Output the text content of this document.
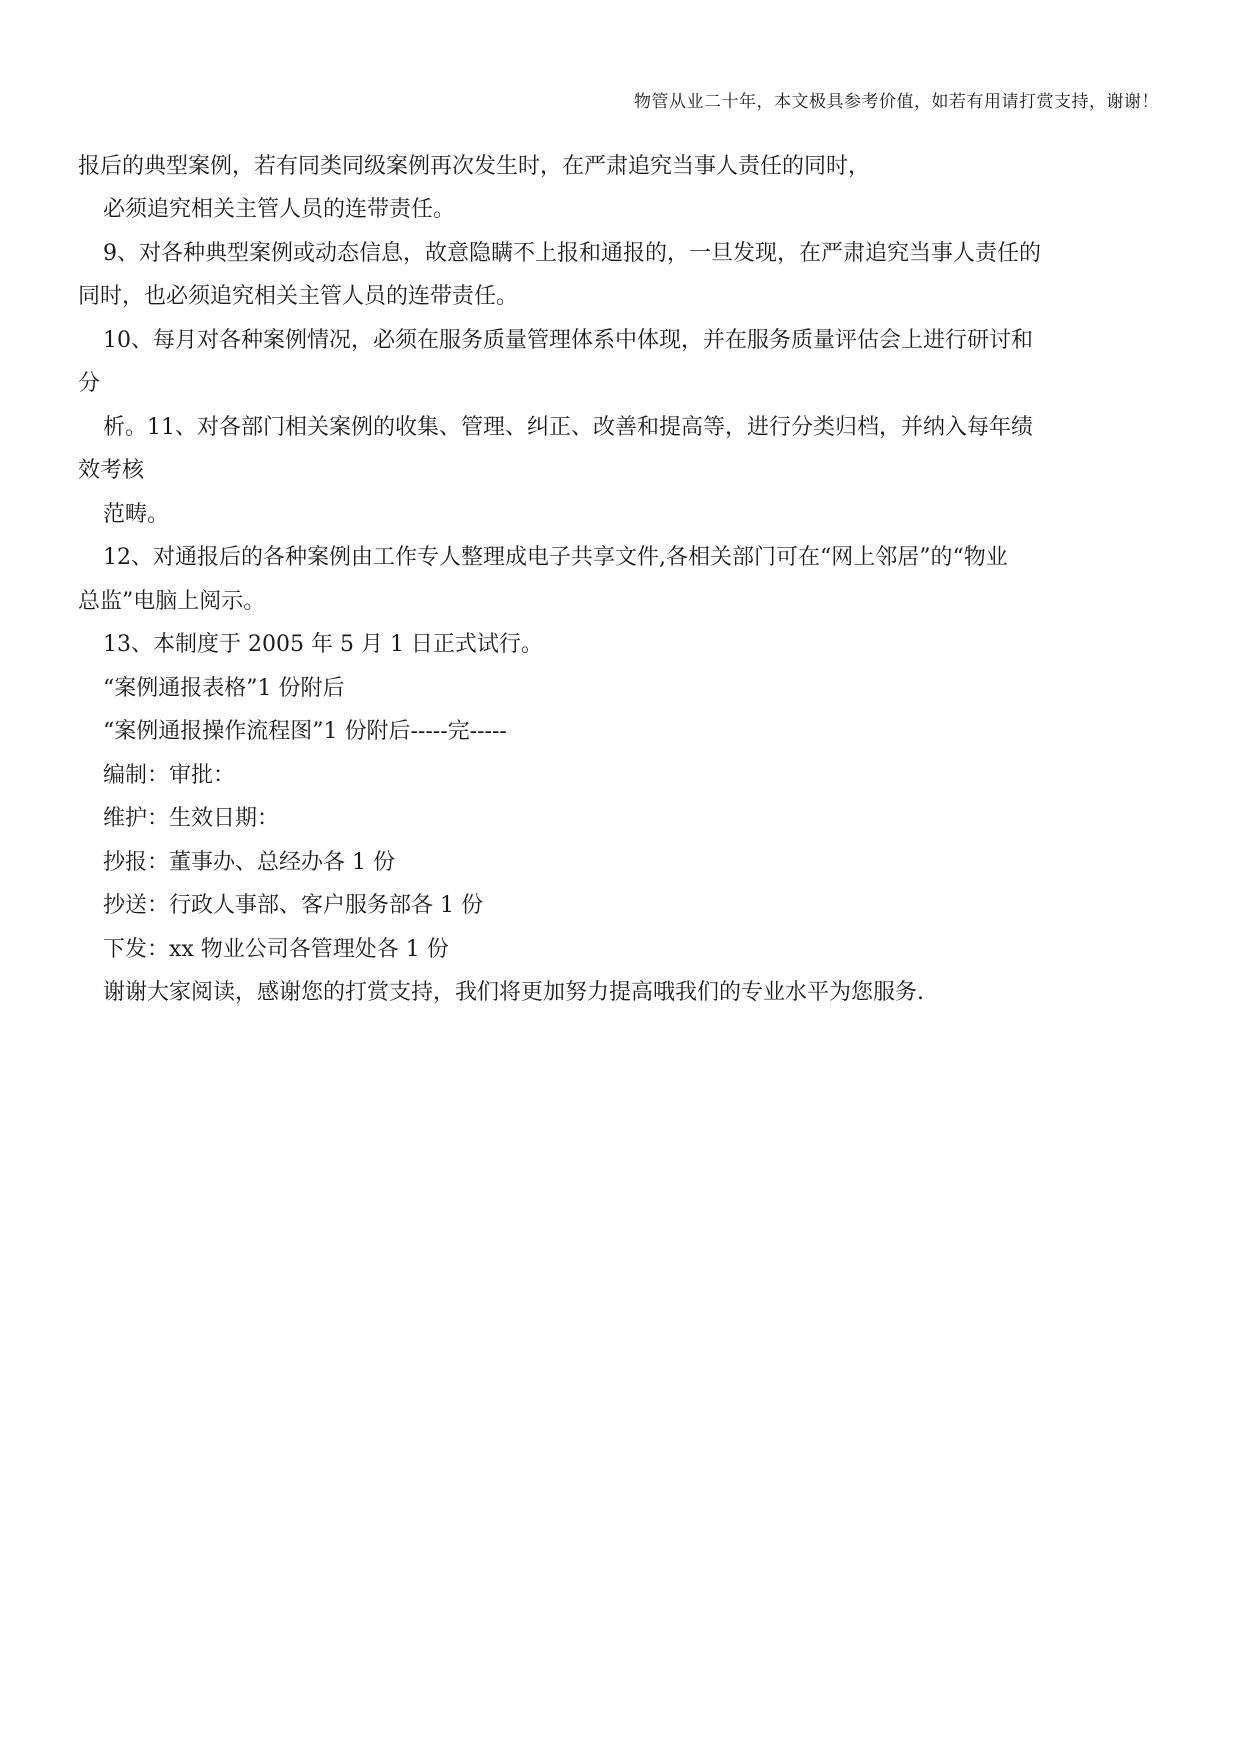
物管从业二十年，本文极具参考价值，如若有用请打赏支持，谢谢！
报后的典型案例，若有同类同级案例再次发生时，在严肃追究当事人责任的同时，
必须追究相关主管人员的连带责任。
9、对各种典型案例或动态信息，故意隐瞒不上报和通报的，一旦发现，在严肃追究当事人责任的
同时，也必须追究相关主管人员的连带责任。
10、每月对各种案例情况，必须在服务质量管理体系中体现，并在服务质量评估会上进行研讨和
分
析。11、对各部门相关案例的收集、管理、纠正、改善和提高等，进行分类归档，并纳入每年绩
效考核
范畴。
12、对通报后的各种案例由工作专人整理成电子共享文件,各相关部门可在“网上邻居”的“物业
总监”电脑上阅示。
13、本制度于 2005 年 5 月 1 日正式试行。
“案例通报表格”1 份附后
“案例通报操作流程图”1 份附后-----完-----
编制：审批：
维护：生效日期：
抄报：董事办、总经办各 1 份
抄送：行政人事部、客户服务部各 1 份
下发：xx 物业公司各管理处各 1 份
谢谢大家阅读，感谢您的打赏支持，我们将更加努力提高哦我们的专业水平为您服务.
